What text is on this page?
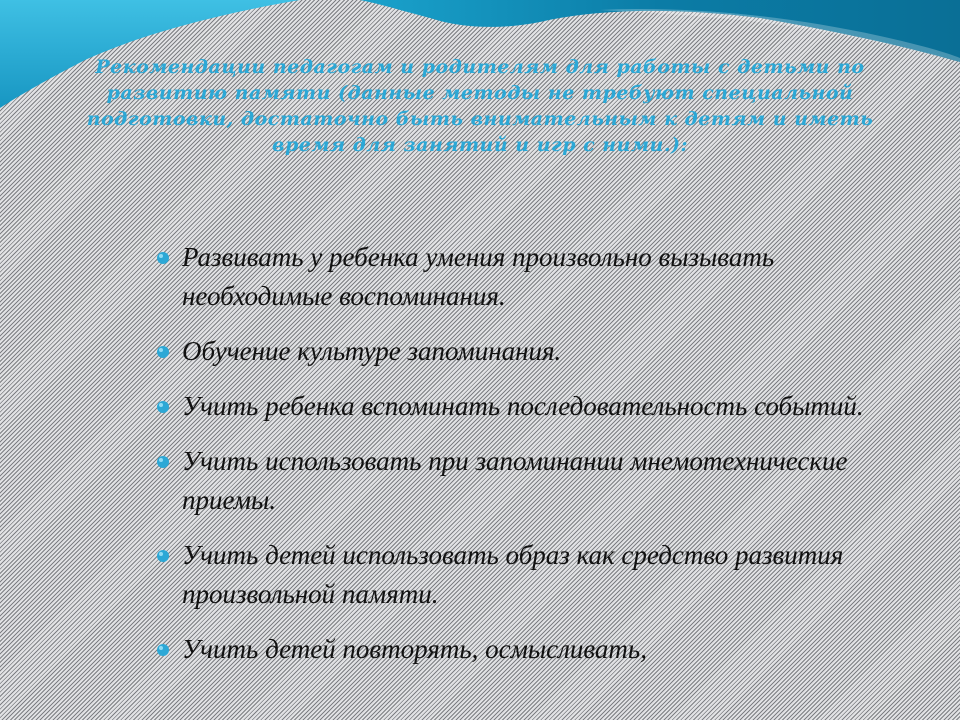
Рекомендации педагогам и родителям для работы с детьми по развитию памяти (данные методы не требуют специальной подготовки, достаточно быть внимательным к детям и иметь время для занятий и игр с ними.):

Развивать у ребенка умения произвольно вызывать необходимые воспоминания.
Обучение культуре запоминания.
Учить ребенка вспоминать последовательность событий.
Учить использовать при запоминании мнемотехнические приемы.
Учить детей использовать образ как средство развития произвольной памяти.
Учить детей повторять, осмысливать,
